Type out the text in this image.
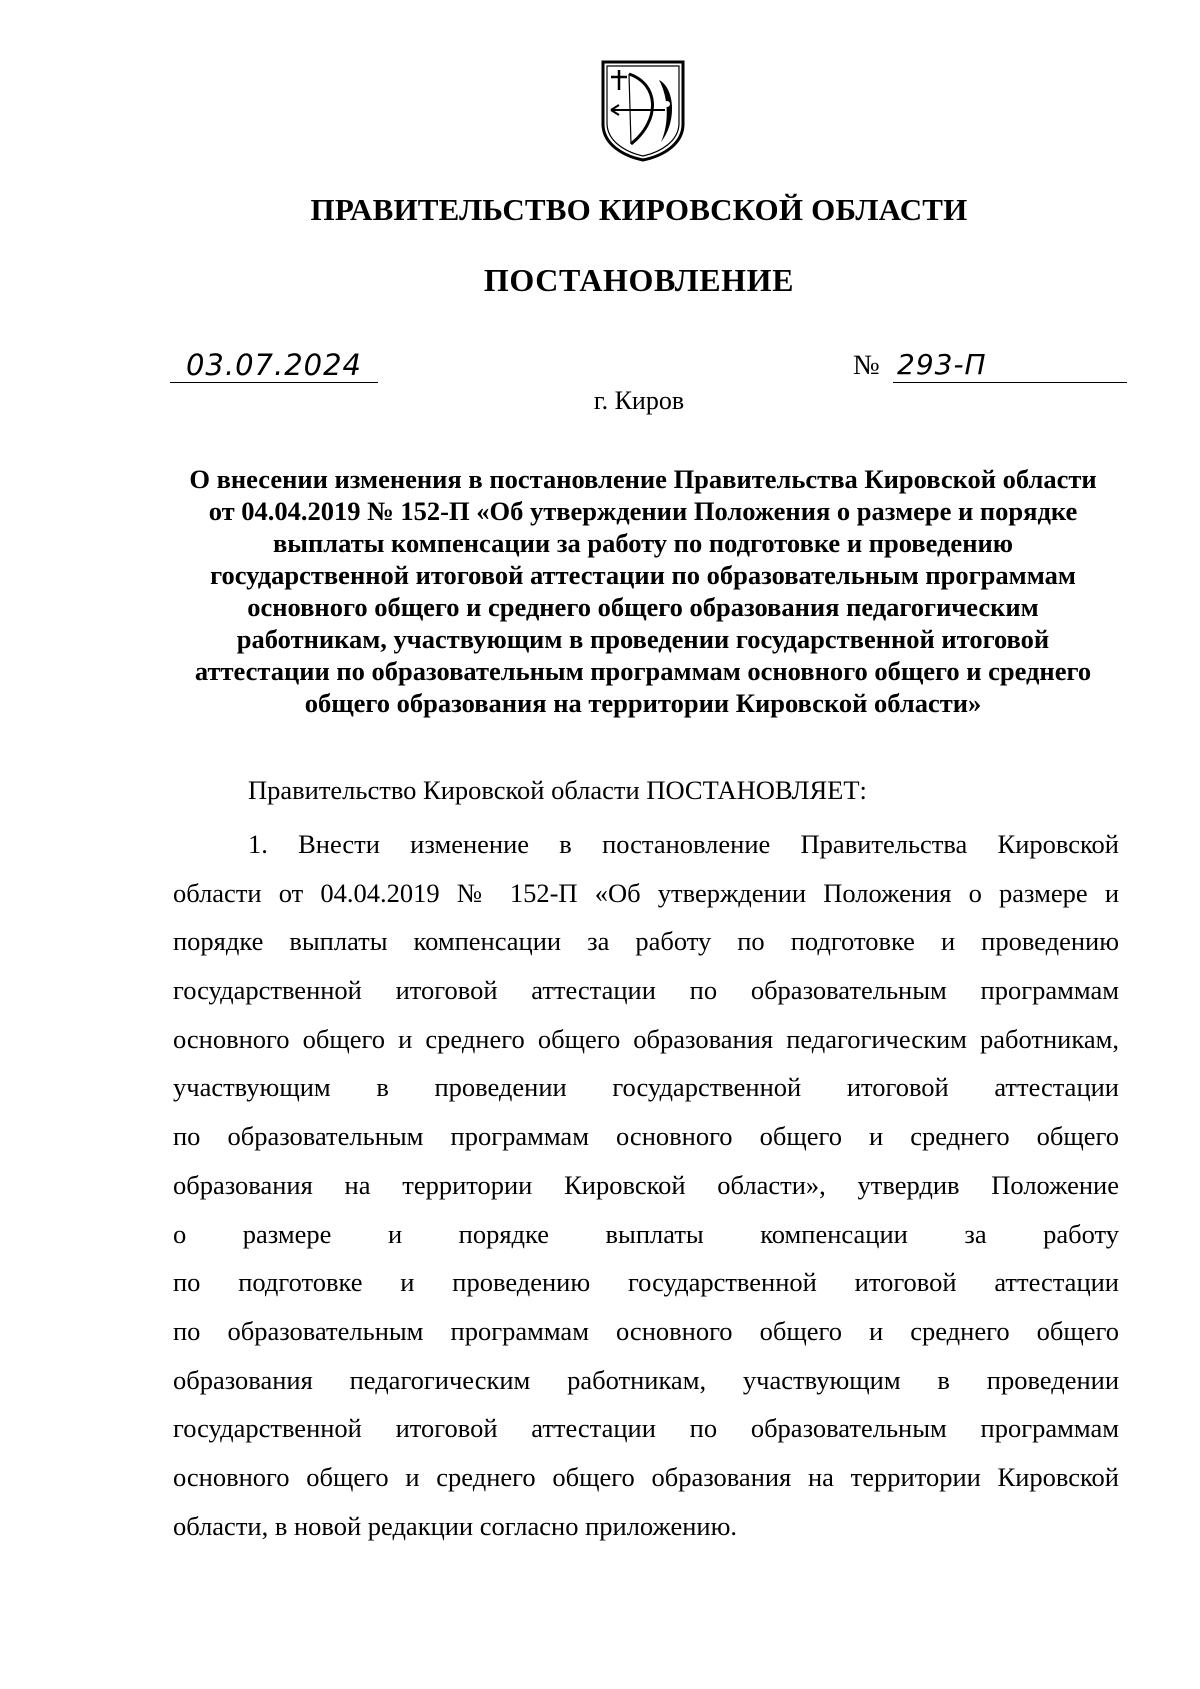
ПРАВИТЕЛЬСТВО КИРОВСКОЙ ОБЛАСТИ
ПОСТАНОВЛЕНИЕ
03.07.2024	№ 293-П
г. Киров
О внесении изменения в постановление Правительства Кировской области
от 04.04.2019 № 152-П «Об утверждении Положения о размере и порядке
выплаты компенсации за работу по подготовке и проведению
государственной итоговой аттестации по образовательным программам
основного общего и среднего общего образования педагогическим
работникам, участвующим в проведении государственной итоговой
аттестации по образовательным программам основного общего и среднего
общего образования на территории Кировской области»
Правительство Кировской области ПОСТАНОВЛЯЕТ:
1. Внести изменение в постановление Правительства Кировской
области от 04.04.2019 № 152-П «Об утверждении Положения о размере и
порядке выплаты компенсации за работу по подготовке и проведению
государственной итоговой аттестации по образовательным программам
основного общего и среднего общего образования педагогическим работникам,
участвующим в проведении государственной итоговой аттестации
по образовательным программам основного общего и среднего общего
образования на территории Кировской области», утвердив Положение
о размере и порядке выплаты компенсации за работу
по подготовке и проведению государственной итоговой аттестации
по образовательным программам основного общего и среднего общего
образования педагогическим работникам, участвующим в проведении
государственной итоговой аттестации по образовательным программам
основного общего и среднего общего образования на территории Кировской
области, в новой редакции согласно приложению.
